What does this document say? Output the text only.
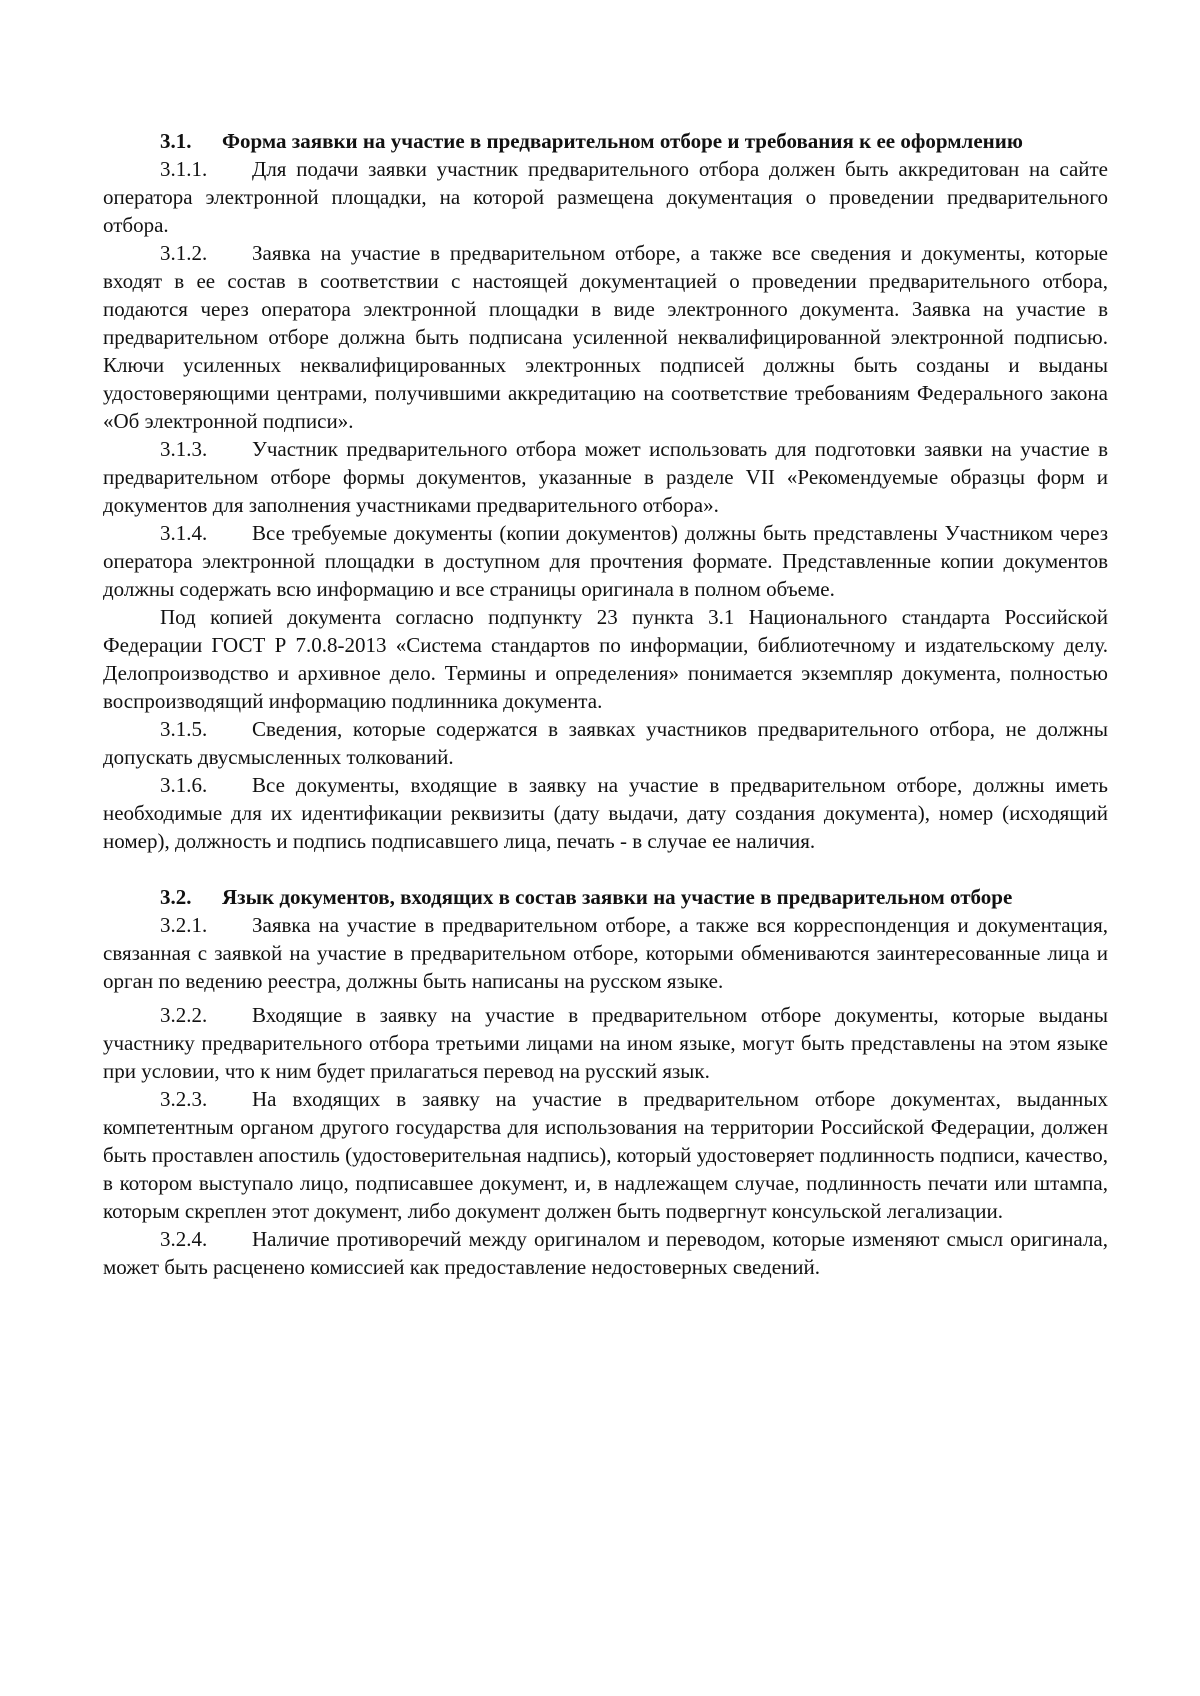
3.1. Форма заявки на участие в предварительном отборе и требования к ее оформлению

3.1.1. Для подачи заявки участник предварительного отбора должен быть аккредитован на сайте оператора электронной площадки, на которой размещена документация о проведении предварительного отбора.

3.1.2. Заявка на участие в предварительном отборе, а также все сведения и документы, которые входят в ее состав в соответствии с настоящей документацией о проведении предварительного отбора, подаются через оператора электронной площадки в виде электронного документа. Заявка на участие в предварительном отборе должна быть подписана усиленной неквалифицированной электронной подписью. Ключи усиленных неквалифицированных электронных подписей должны быть созданы и выданы удостоверяющими центрами, получившими аккредитацию на соответствие требованиям Федерального закона «Об электронной подписи».

3.1.3. Участник предварительного отбора может использовать для подготовки заявки на участие в предварительном отборе формы документов, указанные в разделе VII «Рекомендуемые образцы форм и документов для заполнения участниками предварительного отбора».

3.1.4. Все требуемые документы (копии документов) должны быть представлены Участником через оператора электронной площадки в доступном для прочтения формате. Представленные копии документов должны содержать всю информацию и все страницы оригинала в полном объеме.

Под копией документа согласно подпункту 23 пункта 3.1 Национального стандарта Российской Федерации ГОСТ Р 7.0.8-2013 «Система стандартов по информации, библиотечному и издательскому делу. Делопроизводство и архивное дело. Термины и определения» понимается экземпляр документа, полностью воспроизводящий информацию подлинника документа.

3.1.5. Сведения, которые содержатся в заявках участников предварительного отбора, не должны допускать двусмысленных толкований.

3.1.6. Все документы, входящие в заявку на участие в предварительном отборе, должны иметь необходимые для их идентификации реквизиты (дату выдачи, дату создания документа), номер (исходящий номер), должность и подпись подписавшего лица, печать - в случае ее наличия.

3.2. Язык документов, входящих в состав заявки на участие в предварительном отборе

3.2.1. Заявка на участие в предварительном отборе, а также вся корреспонденция и документация, связанная с заявкой на участие в предварительном отборе, которыми обмениваются заинтересованные лица и орган по ведению реестра, должны быть написаны на русском языке.

3.2.2. Входящие в заявку на участие в предварительном отборе документы, которые выданы участнику предварительного отбора третьими лицами на ином языке, могут быть представлены на этом языке при условии, что к ним будет прилагаться перевод на русский язык.

3.2.3. На входящих в заявку на участие в предварительном отборе документах, выданных компетентным органом другого государства для использования на территории Российской Федерации, должен быть проставлен апостиль (удостоверительная надпись), который удостоверяет подлинность подписи, качество, в котором выступало лицо, подписавшее документ, и, в надлежащем случае, подлинность печати или штампа, которым скреплен этот документ, либо документ должен быть подвергнут консульской легализации.

3.2.4. Наличие противоречий между оригиналом и переводом, которые изменяют смысл оригинала, может быть расценено комиссией как предоставление недостоверных сведений.
